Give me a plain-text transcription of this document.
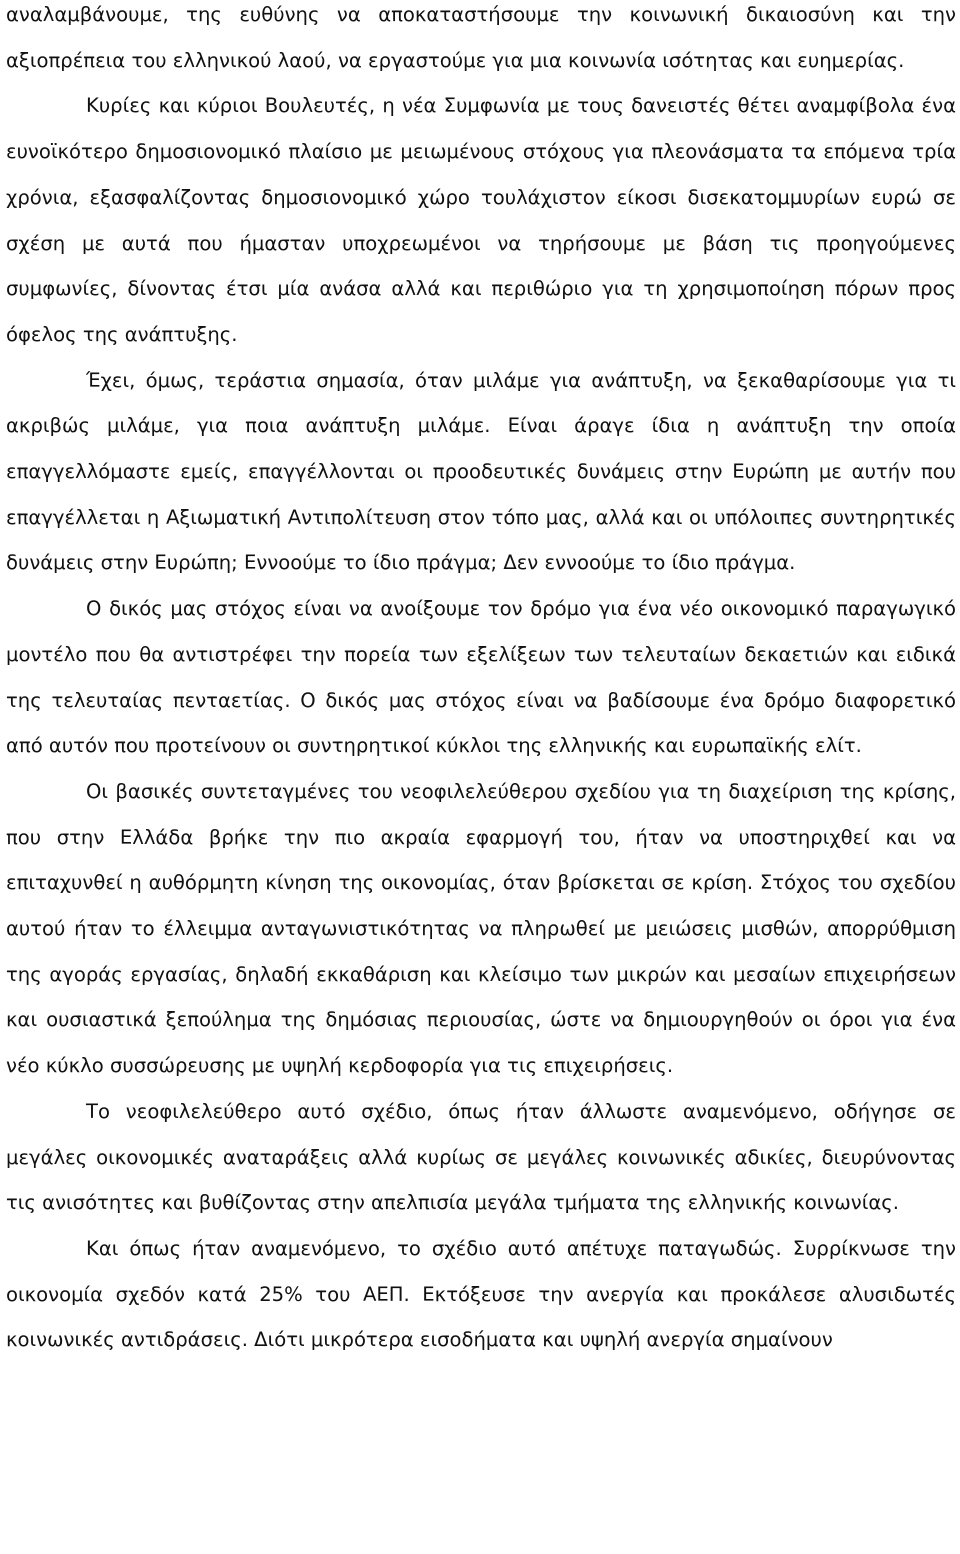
αναλαμβάνουμε, της ευθύνης να αποκαταστήσουμε την κοινωνική δικαιοσύνη και την αξιοπρέπεια του ελληνικού λαού, να εργαστούμε για μια κοινωνία ισότητας και ευημερίας.

Κυρίες και κύριοι Βουλευτές, η νέα Συμφωνία με τους δανειστές θέτει αναμφίβολα ένα ευνοϊκότερο δημοσιονομικό πλαίσιο με μειωμένους στόχους για πλεονάσματα τα επόμενα τρία χρόνια, εξασφαλίζοντας δημοσιονομικό χώρο τουλάχιστον είκοσι δισεκατομμυρίων ευρώ σε σχέση με αυτά που ήμασταν υποχρεωμένοι να τηρήσουμε με βάση τις προηγούμενες συμφωνίες, δίνοντας έτσι μία ανάσα αλλά και περιθώριο για τη χρησιμοποίηση πόρων προς όφελος της ανάπτυξης.

Έχει, όμως, τεράστια σημασία, όταν μιλάμε για ανάπτυξη, να ξεκαθαρίσουμε για τι ακριβώς μιλάμε, για ποια ανάπτυξη μιλάμε. Είναι άραγε ίδια η ανάπτυξη την οποία επαγγελλόμαστε εμείς, επαγγέλλονται οι προοδευτικές δυνάμεις στην Ευρώπη με αυτήν που επαγγέλλεται η Αξιωματική Αντιπολίτευση στον τόπο μας, αλλά και οι υπόλοιπες συντηρητικές δυνάμεις στην Ευρώπη; Εννοούμε το ίδιο πράγμα; Δεν εννοούμε το ίδιο πράγμα.

Ο δικός μας στόχος είναι να ανοίξουμε τον δρόμο για ένα νέο οικονομικό παραγωγικό μοντέλο που θα αντιστρέφει την πορεία των εξελίξεων των τελευταίων δεκαετιών και ειδικά της τελευταίας πενταετίας. Ο δικός μας στόχος είναι να βαδίσουμε ένα δρόμο διαφορετικό από αυτόν που προτείνουν οι συντηρητικοί κύκλοι της ελληνικής και ευρωπαϊκής ελίτ.

Οι βασικές συντεταγμένες του νεοφιλελεύθερου σχεδίου για τη διαχείριση της κρίσης, που στην Ελλάδα βρήκε την πιο ακραία εφαρμογή του, ήταν να υποστηριχθεί και να επιταχυνθεί η αυθόρμητη κίνηση της οικονομίας, όταν βρίσκεται σε κρίση. Στόχος του σχεδίου αυτού ήταν το έλλειμμα ανταγωνιστικότητας να πληρωθεί με μειώσεις μισθών, απορρύθμιση της αγοράς εργασίας, δηλαδή εκκαθάριση και κλείσιμο των μικρών και μεσαίων επιχειρήσεων και ουσιαστικά ξεπούλημα της δημόσιας περιουσίας, ώστε να δημιουργηθούν οι όροι για ένα νέο κύκλο συσσώρευσης με υψηλή κερδοφορία για τις επιχειρήσεις.

Το νεοφιλελεύθερο αυτό σχέδιο, όπως ήταν άλλωστε αναμενόμενο, οδήγησε σε μεγάλες οικονομικές αναταράξεις αλλά κυρίως σε μεγάλες κοινωνικές αδικίες, διευρύνοντας τις ανισότητες και βυθίζοντας στην απελπισία μεγάλα τμήματα της ελληνικής κοινωνίας.

Και όπως ήταν αναμενόμενο, το σχέδιο αυτό απέτυχε παταγωδώς. Συρρίκνωσε την οικονομία σχεδόν κατά 25% του ΑΕΠ. Εκτόξευσε την ανεργία και προκάλεσε αλυσιδωτές κοινωνικές αντιδράσεις. Διότι μικρότερα εισοδήματα και υψηλή ανεργία σημαίνουν
